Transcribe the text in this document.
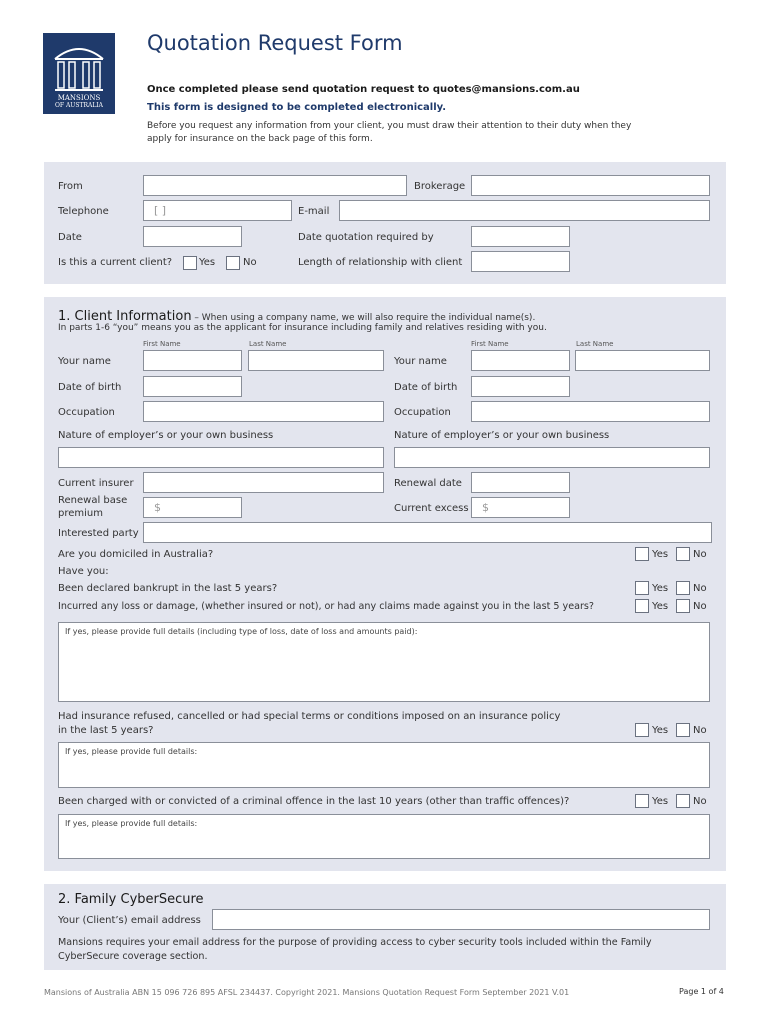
MANSIONS
OF AUSTRALIA
Quotation Request Form
Once completed please send quotation request to quotes@mansions.com.au
This form is designed to be completed electronically.
Before you request any information from your client, you must draw their attention to their duty when they
apply for insurance on the back page of this form.
From	Brokerage
Telephone	[ ]	E-mail
Date	Date quotation required by
Is this a current client?	Yes	No	Length of relationship with client
1. Client Information – When using a company name, we will also require the individual name(s).
In parts 1-6 “you” means you as the applicant for insurance including family and relatives residing with you.
First Name	Last Name	First Name	Last Name
Your name	Your name
Date of birth	Date of birth
Occupation	Occupation
Nature of employer’s or your own business	Nature of employer’s or your own business
Current insurer	Renewal date
Renewal base
premium	$	Current excess $
Interested party
Are you domiciled in Australia?	Yes No
Have you:
Been declared bankrupt in the last 5 years?	Yes No
Incurred any loss or damage, (whether insured or not), or had any claims made against you in the last 5 years?	Yes No
If yes, please provide full details (including type of loss, date of loss and amounts paid):
Had insurance refused, cancelled or had special terms or conditions imposed on an insurance policy
in the last 5 years?	Yes No
If yes, please provide full details:
Been charged with or convicted of a criminal offence in the last 10 years (other than traffic offences)?	Yes No
If yes, please provide full details:
2. Family CyberSecure
Your (Client’s) email address
Mansions requires your email address for the purpose of providing access to cyber security tools included within the Family
CyberSecure coverage section.
Mansions of Australia ABN 15 096 726 895 AFSL 234437. Copyright 2021. Mansions Quotation Request Form September 2021 V.01	Page 1 of 4
